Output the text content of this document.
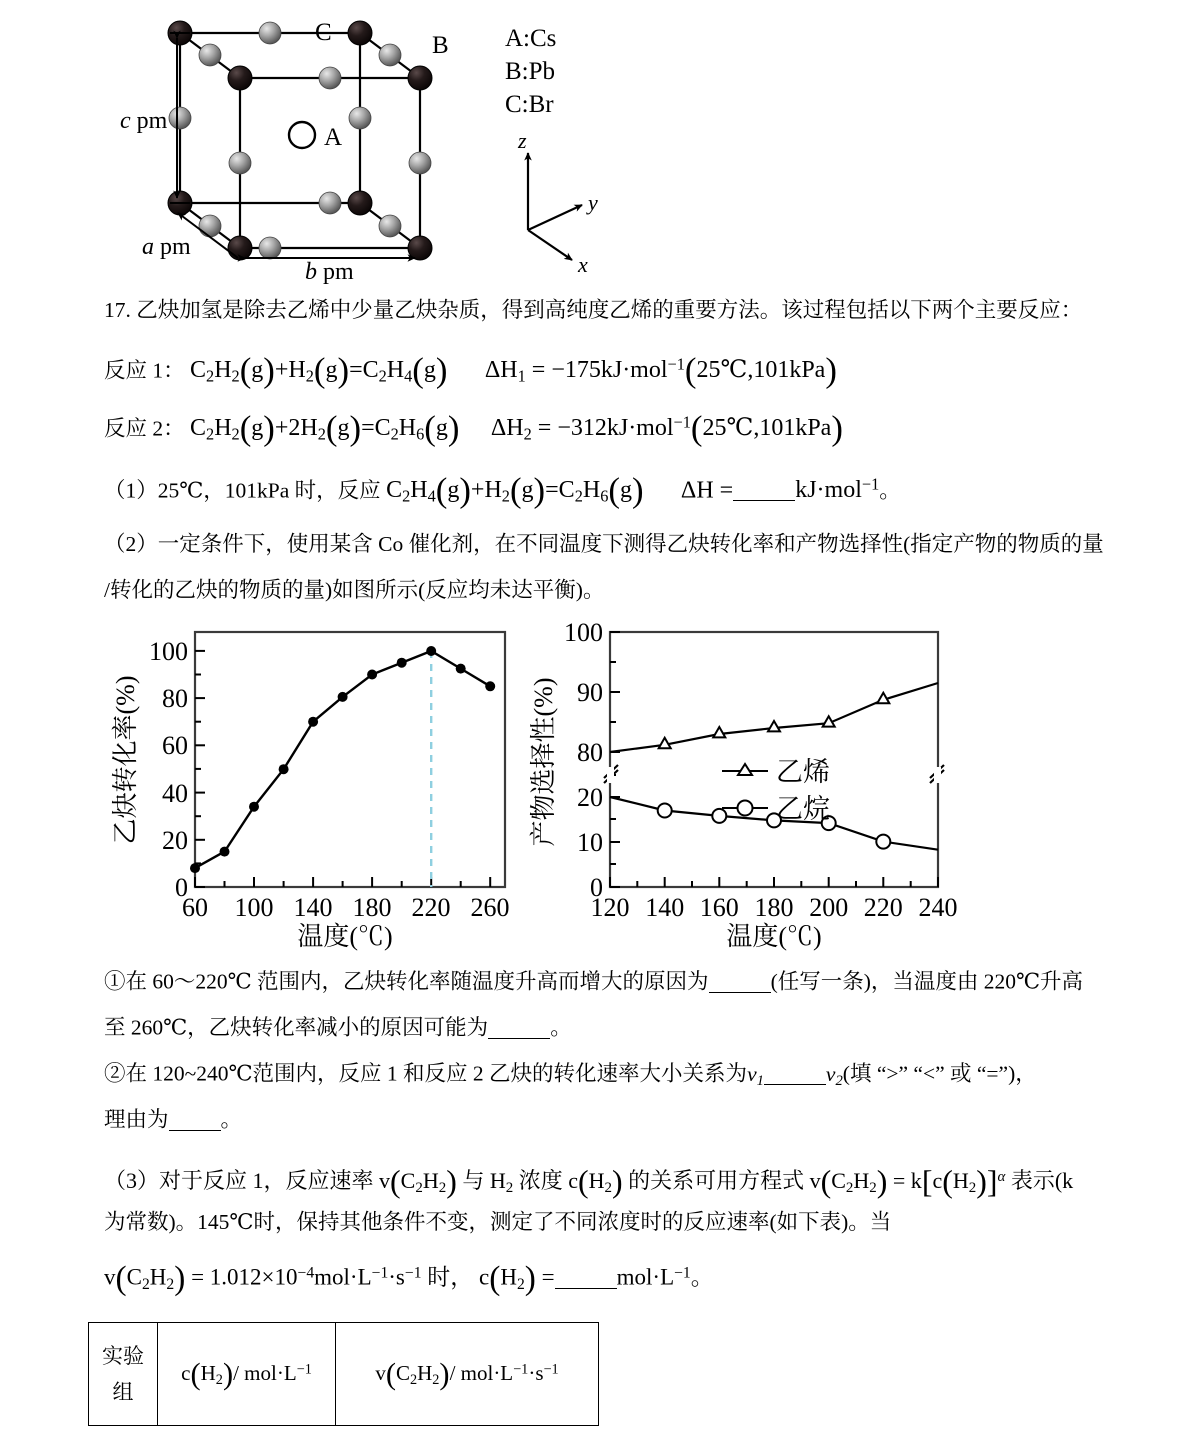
C	B
A
c pm
a pm
b pm
z
y
x
A:Cs
B:Pb
C:Br
17. 乙炔加氢是除去乙烯中少量乙炔杂质，得到高纯度乙烯的重要方法。该过程包括以下两个主要反应：
反应 1： $C_2H_2(g)+H_2(g)=C_2H_4(g) \Delta H_1$ = −175kJ·mol$^{-1}$(25℃,101kPa)
反应 2： $C_2H_2(g)+2H_2(g)=C_2H_6(g) \Delta H_2$ = −312kJ·mol$^{-1}$(25℃,101kPa)
（1）25℃，101kPa 时，反应 $C_2H_4(g)+H_2(g)=C_2H_6(g) \Delta H$ =	kJ·mol$^{-1}$。
（2）一定条件下，使用某含 Co 催化剂，在不同温度下测得乙炔转化率和产物选择性(指定产物的物质的量
/转化的乙炔的物质的量)如图所示(反应均未达平衡)。
0
20
40
60
80
100
60 100 140 180 220 260
温度(℃)
乙炔转化率(%)
0
10
20
80
90
100
120 140 160 180 200 220 240
乙烯
乙烷
温度(℃)
产物选择性(%)
①在 60～220℃ 范围内，乙炔转化率随温度升高而增大的原因为	(任写一条)，当温度由 220℃升高
至 260℃，乙炔转化率减小的原因可能为	。
②在 120~240℃范围内，反应 1 和反应 2 乙炔的转化速率大小关系为$v_1$	$v_2$(填 “>” “<” 或 “=”)，
理由为 。
（3）对于反应 1，反应速率 $v(C_2H_2)$ 与 $H_2$ 浓度 $c(H_2)$ 的关系可用方程式 $v(C_2H_2) = k[c(H_2)]^\alpha$ 表示(k
为常数)。145℃时，保持其他条件不变，测定了不同浓度时的反应速率(如下表)。当
$v(C_2H_2) = 1.012\times 10^{-4}mol\cdot L^{-1}\cdot s^{-1}$ 时， $c(H_2)$ =	$mol\cdot L^{-1}$。
实验
组
	$c(H_2)/$ $mol\cdot L^{-1}$	$v(C_2H_2)/$ $mol\cdot L^{-1}\cdot s^{-1}$
